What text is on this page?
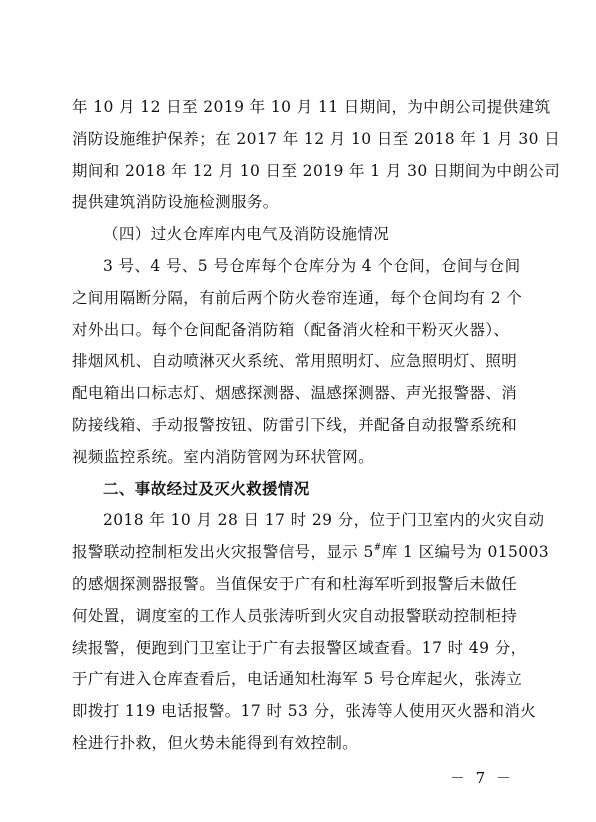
年 10 月 12 日至 2019 年 10 月 11 日期间，为中朗公司提供建筑
消防设施维护保养；在 2017 年 12 月 10 日至 2018 年 1 月 30 日
期间和 2018 年 12 月 10 日至 2019 年 1 月 30 日期间为中朗公司
提供建筑消防设施检测服务。
（四）过火仓库库内电气及消防设施情况
3 号、4 号、5 号仓库每个仓库分为 4 个仓间，仓间与仓间
之间用隔断分隔，有前后两个防火卷帘连通，每个仓间均有 2 个
对外出口。每个仓间配备消防箱（配备消火栓和干粉灭火器）、
排烟风机、自动喷淋灭火系统、常用照明灯、应急照明灯、照明
配电箱出口标志灯、烟感探测器、温感探测器、声光报警器、消
防接线箱、手动报警按钮、防雷引下线，并配备自动报警系统和
视频监控系统。室内消防管网为环状管网。
二、事故经过及灭火救援情况
2018 年 10 月 28 日 17 时 29 分，位于门卫室内的火灾自动
报警联动控制柜发出火灾报警信号，显示 5#库 1 区编号为 015003
的感烟探测器报警。当值保安于广有和杜海军听到报警后未做任
何处置，调度室的工作人员张涛听到火灾自动报警联动控制柜持
续报警，便跑到门卫室让于广有去报警区域查看。17 时 49 分，
于广有进入仓库查看后，电话通知杜海军 5 号仓库起火，张涛立
即拨打 119 电话报警。17 时 53 分，张涛等人使用灭火器和消火
栓进行扑救，但火势未能得到有效控制。
－ 7 －
